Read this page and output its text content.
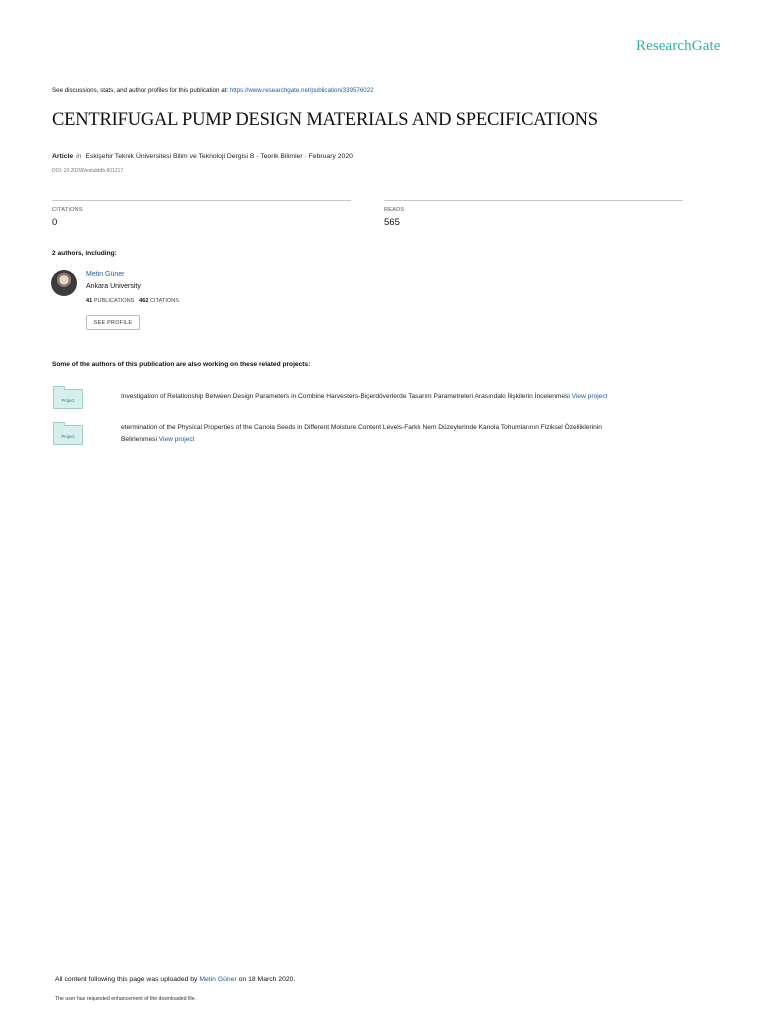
ResearchGate
See discussions, stats, and author profiles for this publication at: https://www.researchgate.net/publication/339576022
CENTRIFUGAL PUMP DESIGN MATERIALS AND SPECIFICATIONS
Article in Eskişehir Teknik Üniversitesi Bilim ve Teknoloji Dergisi B - Teorik Bilimler · February 2020
DOI: 10.20290/estubtdb.601217
CITATIONS
0
READS
565
2 authors, including:
Metin Güner
Ankara University
41 PUBLICATIONS 462 CITATIONS
SEE PROFILE
Some of the authors of this publication are also working on these related projects:
Project
Investigation of Relationship Between Design Parameters in Combine Harvesters-Biçerdöverlerde Tasarım Parametreleri Arasındaki İlişkilerin İncelenmesi View project
Project
etermination of the Physical Properties of the Canola Seeds in Different Moisture Content Levels-Farklı Nem Düzeylerinde Kanola Tohumlarının Fiziksel Özelliklerinin
Belirlenmesi View project
All content following this page was uploaded by Metin Güner on 18 March 2020.
The user has requested enhancement of the downloaded file.
